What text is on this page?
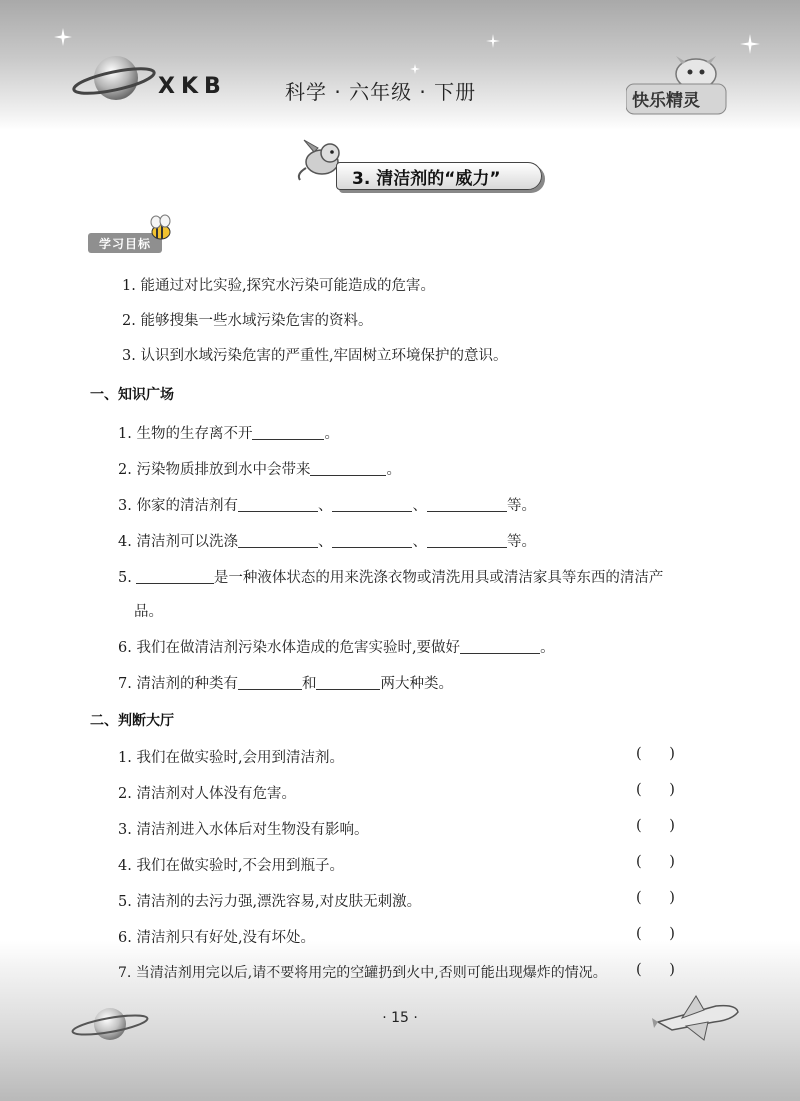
XKB	科学 · 六年级 · 下册	快乐精灵
3. 清洁剂的“威力”
学习目标
1. 能通过对比实验,探究水污染可能造成的危害。
2. 能够搜集一些水域污染危害的资料。
3. 认识到水域污染危害的严重性,牢固树立环境保护的意识。
一、知识广场
1. 生物的生存离不开	。
2. 污染物质排放到水中会带来	。
3. 你家的清洁剂有	、	、	等。
4. 清洁剂可以洗涤	、	、	等。
5.	是一种液体状态的用来洗涤衣物或清洗用具或清洁家具等东西的清洁产
品。
6. 我们在做清洁剂污染水体造成的危害实验时,要做好	。
7. 清洁剂的种类有	和	两大种类。
二、判断大厅
1. 我们在做实验时,会用到清洁剂。	(      )
2. 清洁剂对人体没有危害。	(      )
3. 清洁剂进入水体后对生物没有影响。	(      )
4. 我们在做实验时,不会用到瓶子。	(      )
5. 清洁剂的去污力强,漂洗容易,对皮肤无刺激。	(      )
6. 清洁剂只有好处,没有坏处。	(      )
7. 当清洁剂用完以后,请不要将用完的空罐扔到火中,否则可能出现爆炸的情况。 (      )
· 15 ·
